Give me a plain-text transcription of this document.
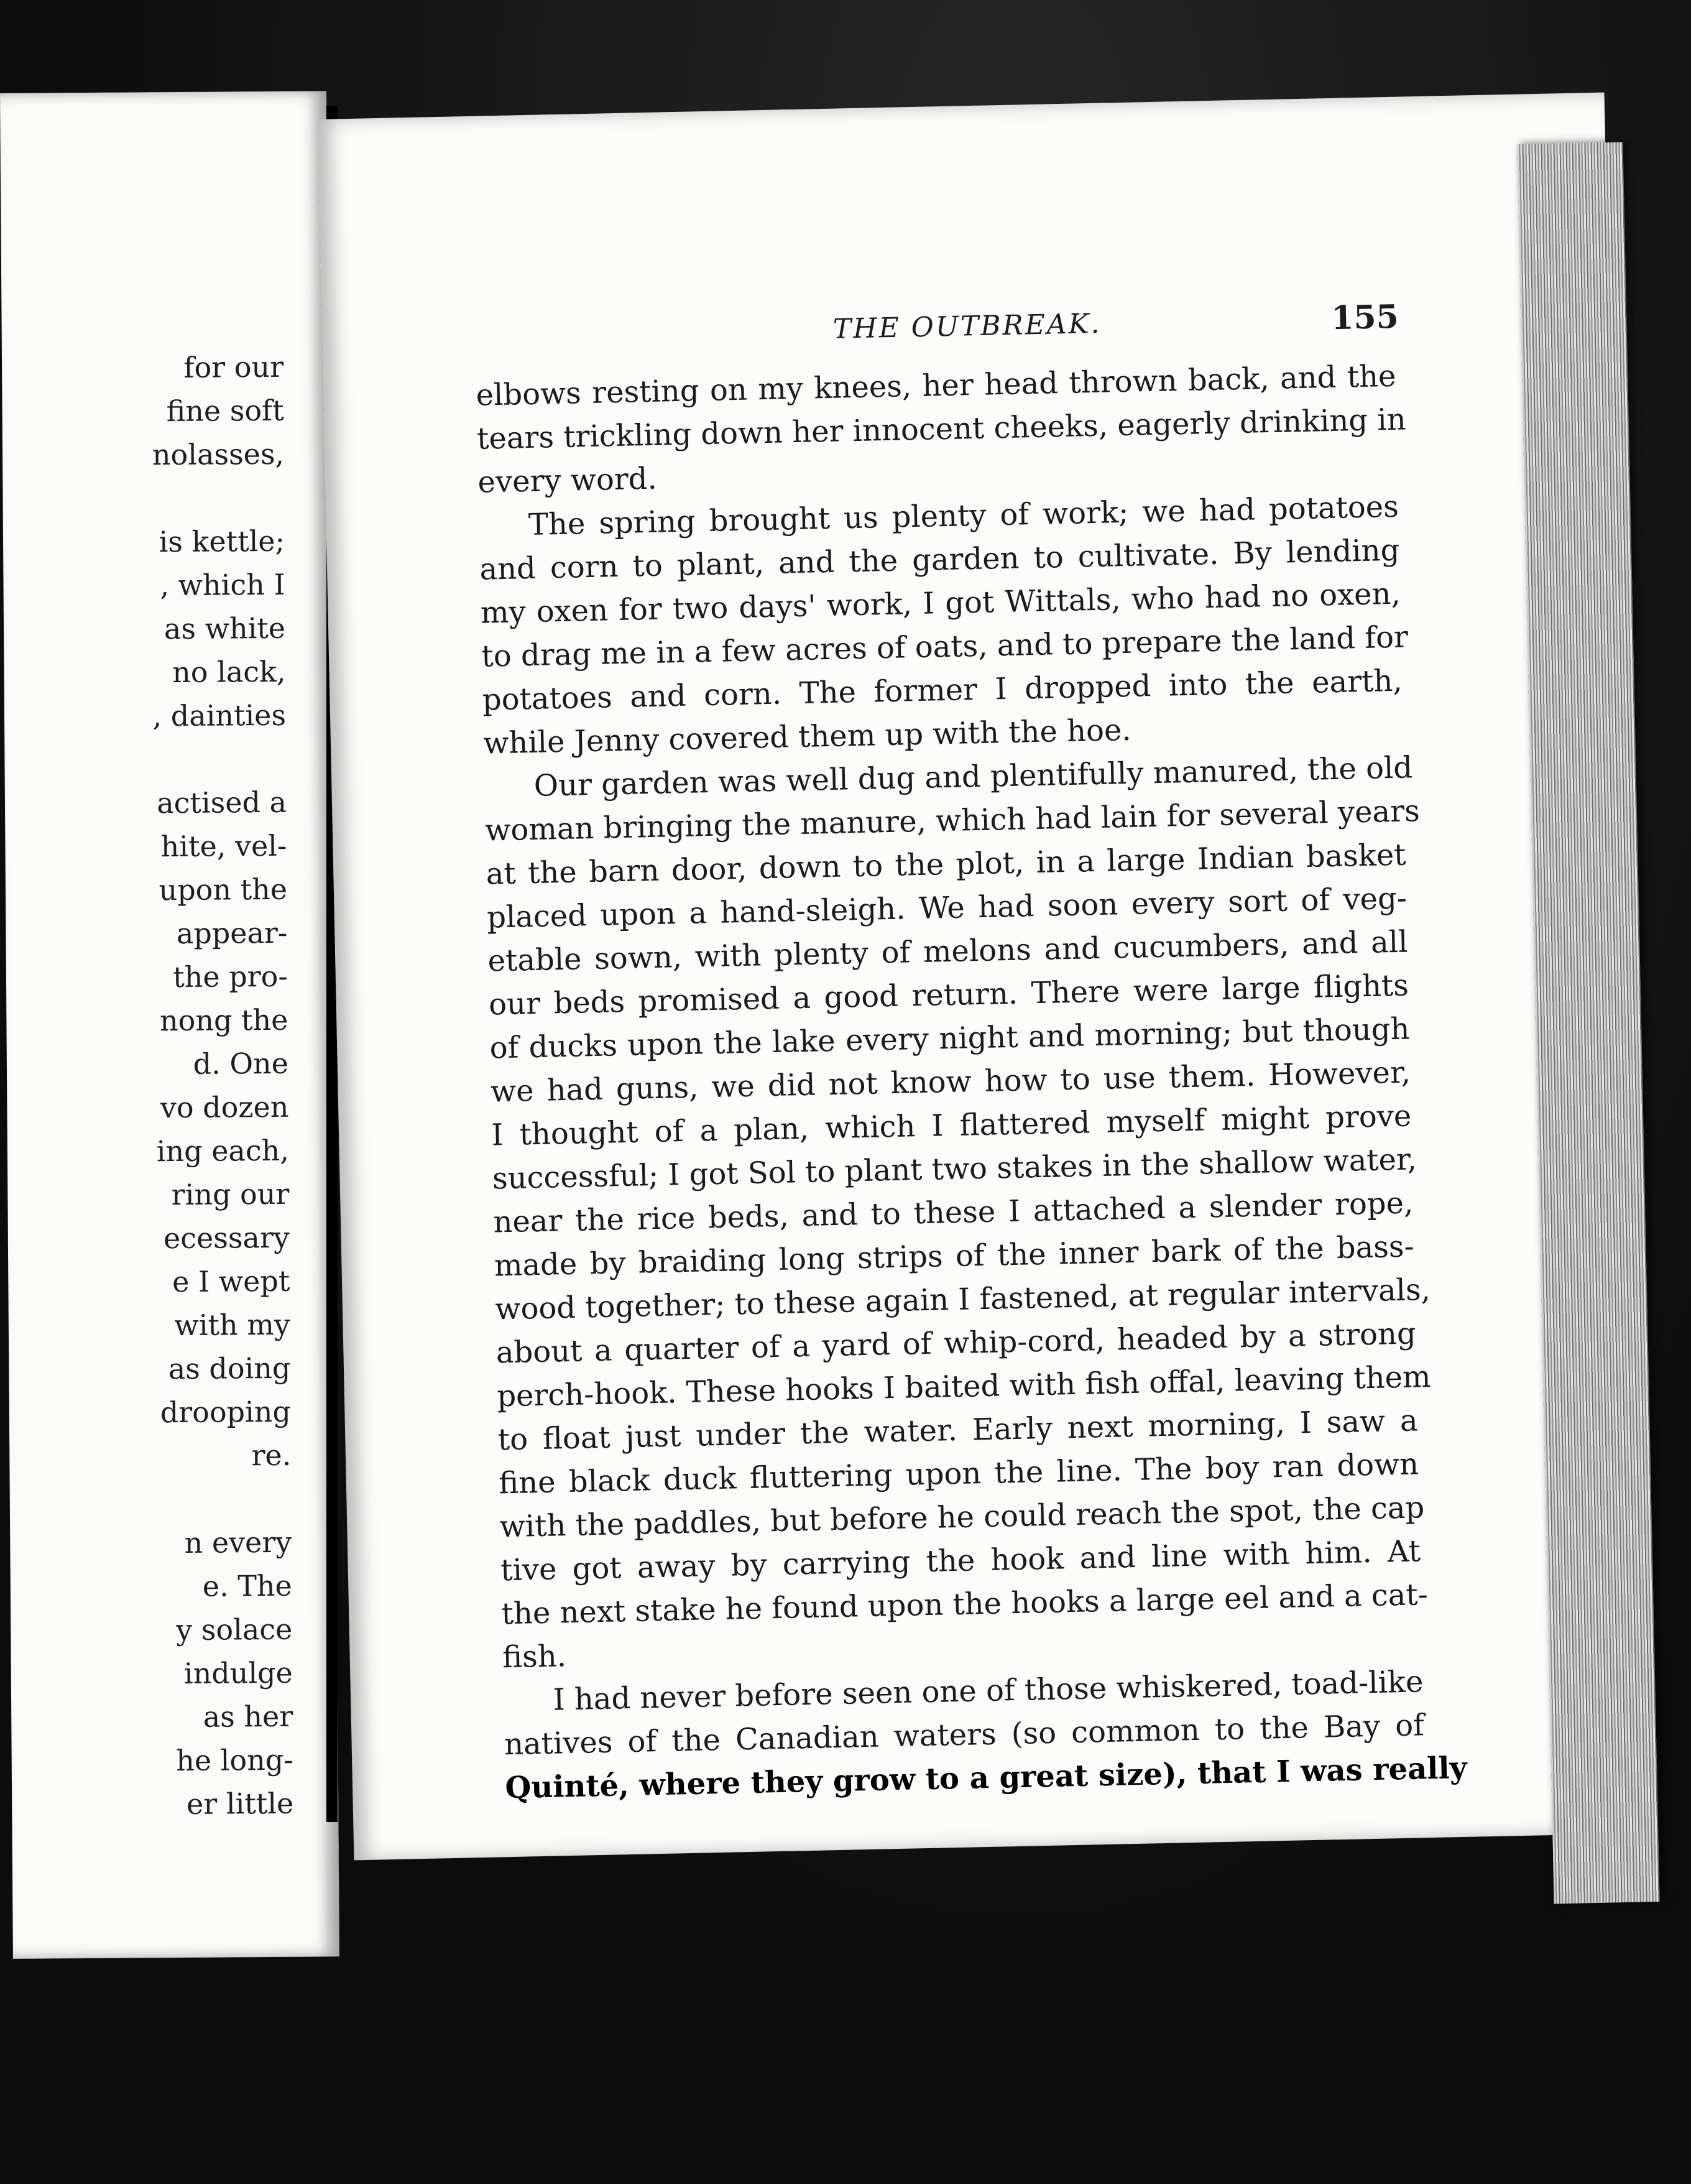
for our
fine soft
nolasses,
is kettle;
, which I
as white
no lack,
, dainties
actised a
hite, vel-
upon the
appear-
the pro-
nong the
d. One
vo dozen
ing each,
ring our
ecessary
e I wept
with my
as doing
drooping
re.
n every
e. The
y solace
indulge
as her
he long-
er little
THE OUTBREAK.	155
elbows resting on my knees, her head thrown back, and the
tears trickling down her innocent cheeks, eagerly drinking in
every word.
The spring brought us plenty of work; we had potatoes
and corn to plant, and the garden to cultivate. By lending
my oxen for two days' work, I got Wittals, who had no oxen,
to drag me in a few acres of oats, and to prepare the land for
potatoes and corn. The former I dropped into the earth,
while Jenny covered them up with the hoe.
Our garden was well dug and plentifully manured, the old
woman bringing the manure, which had lain for several years
at the barn door, down to the plot, in a large Indian basket
placed upon a hand-sleigh. We had soon every sort of veg-
etable sown, with plenty of melons and cucumbers, and all
our beds promised a good return. There were large flights
of ducks upon the lake every night and morning; but though
we had guns, we did not know how to use them. However,
I thought of a plan, which I flattered myself might prove
successful; I got Sol to plant two stakes in the shallow water,
near the rice beds, and to these I attached a slender rope,
made by braiding long strips of the inner bark of the bass-
wood together; to these again I fastened, at regular intervals,
about a quarter of a yard of whip-cord, headed by a strong
perch-hook. These hooks I baited with fish offal, leaving them
to float just under the water. Early next morning, I saw a
fine black duck fluttering upon the line. The boy ran down
with the paddles, but before he could reach the spot, the cap
tive got away by carrying the hook and line with him. At
the next stake he found upon the hooks a large eel and a cat-
fish.
I had never before seen one of those whiskered, toad-like
natives of the Canadian waters (so common to the Bay of
Quinté, where they grow to a great size), that I was really
